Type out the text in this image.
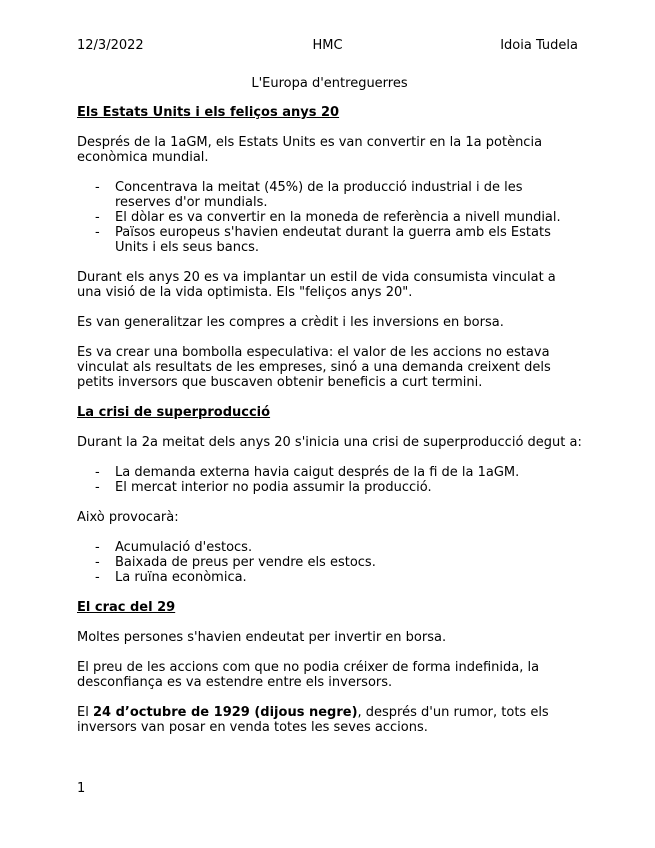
12/3/2022	HMC	Idoia Tudela
L'Europa d'entreguerres
Els Estats Units i els feliços anys 20

Després de la 1aGM, els Estats Units es van convertir en la 1a potència econòmica mundial.

- Concentrava la meitat (45%) de la producció industrial i de les reserves d'or mundials.
- El dòlar es va convertir en la moneda de referència a nivell mundial.
- Països europeus s'havien endeutat durant la guerra amb els Estats Units i els seus bancs.

Durant els anys 20 es va implantar un estil de vida consumista vinculat a una visió de la vida optimista. Els "feliços anys 20".

Es van generalitzar les compres a crèdit i les inversions en borsa.

Es va crear una bombolla especulativa: el valor de les accions no estava vinculat als resultats de les empreses, sinó a una demanda creixent dels petits inversors que buscaven obtenir beneficis a curt termini.

La crisi de superproducció

Durant la 2a meitat dels anys 20 s'inicia una crisi de superproducció degut a:

- La demanda externa havia caigut després de la fi de la 1aGM.
- El mercat interior no podia assumir la producció.

Això provocarà:

- Acumulació d'estocs.
- Baixada de preus per vendre els estocs.
- La ruïna econòmica.
El crac del 29

Moltes persones s'havien endeutat per invertir en borsa.

El preu de les accions com que no podia créixer de forma indefinida, la desconfiança es va estendre entre els inversors.

El 24 d’octubre de 1929 (dijous negre), després d'un rumor, tots els inversors van posar en venda totes les seves accions.

1
